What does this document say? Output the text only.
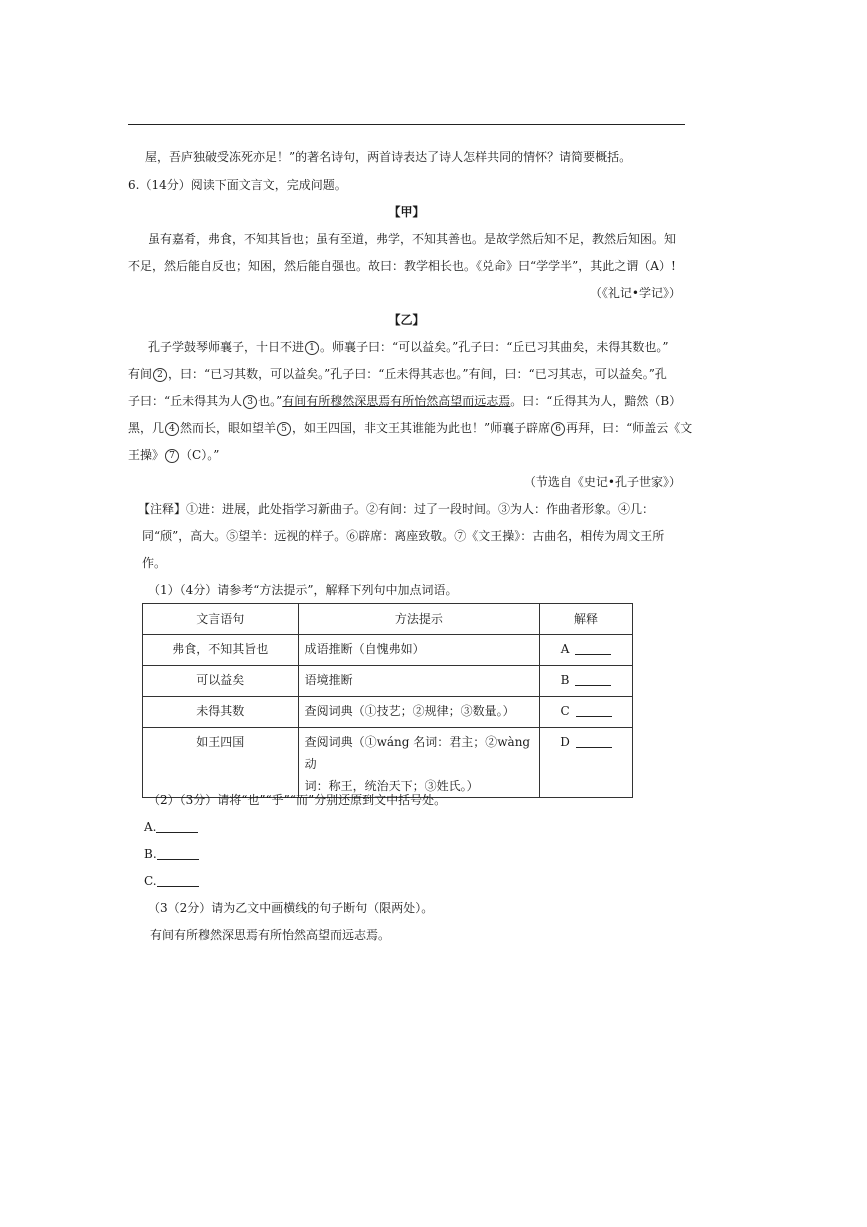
屋，吾庐独破受冻死亦足！”的著名诗句，两首诗表达了诗人怎样共同的情怀？请简要概括。
6.（14分）阅读下面文言文，完成问题。
【甲】
虽有嘉肴，弗食，不知其旨也；虽有至道，弗学，不知其善也。是故学然后知不足，教然后知困。知
不足，然后能自反也；知困，然后能自强也。故曰：教学相长也。《兑命》曰“学学半”，其此之谓（A）!
（《礼记•学记》）
【乙】
孔子学鼓琴师襄子，十日不进 1 。师襄子曰：“可以益矣。”孔子曰：“丘已习其曲矣，未得其数也。”
有间 2 ，曰：“已习其数，可以益矣。”孔子曰：“丘未得其志也。”有间，曰：“已习其志，可以益矣。”孔
子曰：“丘未得其为人 3 也。”有间有所穆然深思焉有所怡然高望而远志焉。曰：“丘得其为人，黯然（B）
黑，几 4 然而长，眼如望羊 5 ，如王四国，非文王其谁能为此也！”师襄子辟席 6 再拜，曰：“师盖云《文
王操》 7 （C）。”
（节选自《史记•孔子世家》）
【注释】①进：进展，此处指学习新曲子。②有间：过了一段时间。③为人：作曲者形象。④几：
同“颀”，高大。⑤望羊：远视的样子。⑥辟席：离座致敬。⑦《文王操》：古曲名，相传为周文王所
作。
（1）（4分）请参考“方法提示”，解释下列句中加点词语。
文言语句	方法提示	解释
弗食，不知其旨也	成语推断（自愧弗如）	A
可以益矣	语境推断	B
未得其数	查阅词典（①技艺；②规律；③数量。）	C
如王四国	查阅词典（①wáng 名词：君主；②wàng 动
词：称王，统治天下；③姓氏。）	D
（2）（3分）请将“也”“乎”“而”分别还原到文中括号处。
A.
B.
C.
（3（2分）请为乙文中画横线的句子断句（限两处）。
有间有所穆然深思焉有所怡然高望而远志焉。
